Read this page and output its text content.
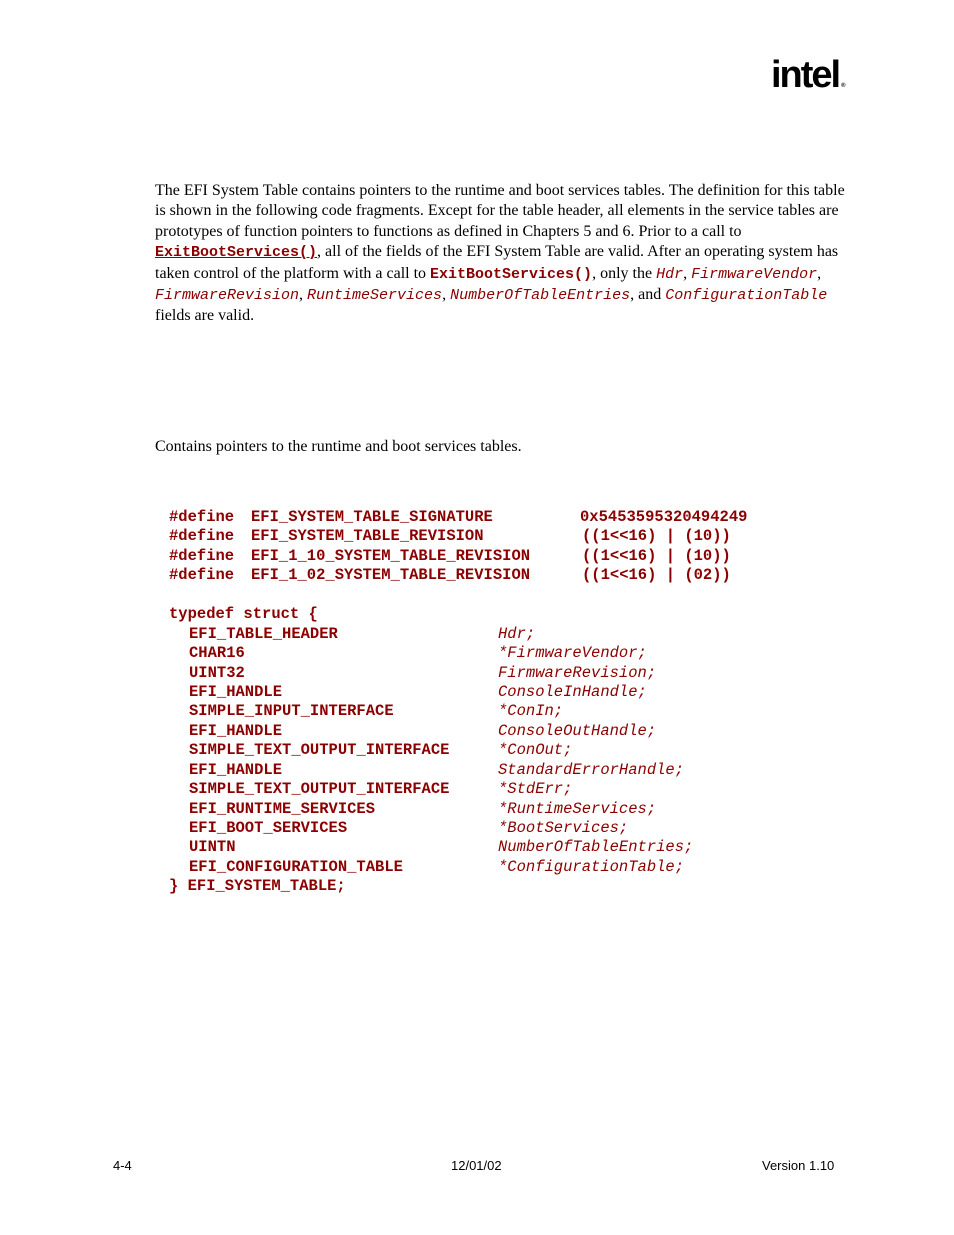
intel ®
The EFI System Table contains pointers to the runtime and boot services tables. The definition for this table is shown in the following code fragments. Except for the table header, all elements in the service tables are prototypes of function pointers to functions as defined in Chapters 5 and 6. Prior to a call to ExitBootServices(), all of the fields of the EFI System Table are valid. After an operating system has taken control of the platform with a call to ExitBootServices(), only the Hdr, FirmwareVendor, FirmwareRevision, RuntimeServices, NumberOfTableEntries, and ConfigurationTable fields are valid.
Contains pointers to the runtime and boot services tables.
#define EFI_SYSTEM_TABLE_SIGNATURE	0x5453595320494249
#define EFI_SYSTEM_TABLE_REVISION	((1<<16) | (10))
#define EFI_1_10_SYSTEM_TABLE_REVISION	((1<<16) | (10))
#define EFI_1_02_SYSTEM_TABLE_REVISION	((1<<16) | (02))
typedef struct {
EFI_TABLE_HEADER	Hdr;
CHAR16	*FirmwareVendor;
UINT32	FirmwareRevision;
EFI_HANDLE	ConsoleInHandle;
SIMPLE_INPUT_INTERFACE	*ConIn;
EFI_HANDLE	ConsoleOutHandle;
SIMPLE_TEXT_OUTPUT_INTERFACE	*ConOut;
EFI_HANDLE	StandardErrorHandle;
SIMPLE_TEXT_OUTPUT_INTERFACE	*StdErr;
EFI_RUNTIME_SERVICES	*RuntimeServices;
EFI_BOOT_SERVICES	*BootServices;
UINTN	NumberOfTableEntries;
EFI_CONFIGURATION_TABLE	*ConfigurationTable;
} EFI_SYSTEM_TABLE;
4-4	12/01/02	Version 1.10
